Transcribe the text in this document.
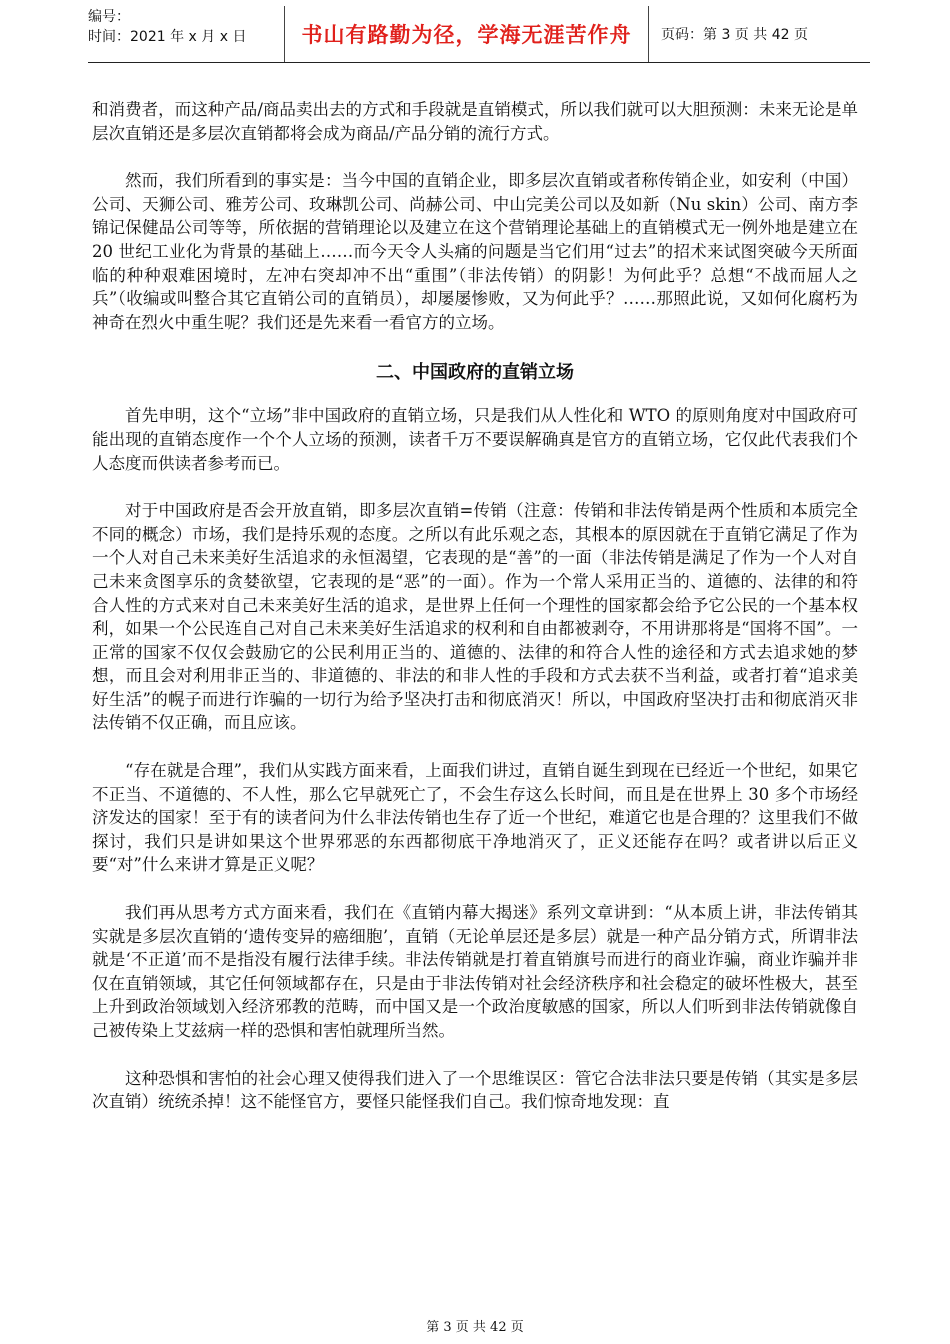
编号：
时间：2021 年 x 月 x 日	书山有路勤为径，学海无涯苦作舟	页码：第 3 页 共 42 页

和消费者，而这种产品/商品卖出去的方式和手段就是直销模式，所以我们就可以大胆预测：未来无论是单层次直销还是多层次直销都将会成为商品/产品分销的流行方式。

然而，我们所看到的事实是：当今中国的直销企业，即多层次直销或者称传销企业，如安利（中国）公司、天狮公司、雅芳公司、玫琳凯公司、尚赫公司、中山完美公司以及如新（Nu skin）公司、南方李锦记保健品公司等等，所依据的营销理论以及建立在这个营销理论基础上的直销模式无一例外地是建立在 20 世纪工业化为背景的基础上……而今天令人头痛的问题是当它们用“过去”的招术来试图突破今天所面临的种种艰难困境时，左冲右突却冲不出“重围”（非法传销）的阴影！为何此乎？总想“不战而屈人之兵”（收编或叫整合其它直销公司的直销员），却屡屡惨败，又为何此乎？……那照此说，又如何化腐朽为神奇在烈火中重生呢？我们还是先来看一看官方的立场。

二、中国政府的直销立场

首先申明，这个“立场”非中国政府的直销立场，只是我们从人性化和 WTO 的原则角度对中国政府可能出现的直销态度作一个个人立场的预测，读者千万不要误解确真是官方的直销立场，它仅此代表我们个人态度而供读者参考而已。

对于中国政府是否会开放直销，即多层次直销=传销（注意：传销和非法传销是两个性质和本质完全不同的概念）市场，我们是持乐观的态度。之所以有此乐观之态，其根本的原因就在于直销它满足了作为一个人对自己未来美好生活追求的永恒渴望，它表现的是“善”的一面（非法传销是满足了作为一个人对自己未来贪图享乐的贪婪欲望，它表现的是“恶”的一面）。作为一个常人采用正当的、道德的、法律的和符合人性的方式来对自己未来美好生活的追求，是世界上任何一个理性的国家都会给予它公民的一个基本权利，如果一个公民连自己对自己未来美好生活追求的权利和自由都被剥夺，不用讲那将是“国将不国”。一正常的国家不仅仅会鼓励它的公民利用正当的、道德的、法律的和符合人性的途径和方式去追求她的梦想，而且会对利用非正当的、非道德的、非法的和非人性的手段和方式去获不当利益，或者打着“追求美好生活”的幌子而进行诈骗的一切行为给予坚决打击和彻底消灭！所以，中国政府坚决打击和彻底消灭非法传销不仅正确，而且应该。

“存在就是合理”，我们从实践方面来看，上面我们讲过，直销自诞生到现在已经近一个世纪，如果它不正当、不道德的、不人性，那么它早就死亡了，不会生存这么长时间，而且是在世界上 30 多个市场经济发达的国家！至于有的读者问为什么非法传销也生存了近一个世纪，难道它也是合理的？这里我们不做探讨，我们只是讲如果这个世界邪恶的东西都彻底干净地消灭了，正义还能存在吗？或者讲以后正义要“对”什么来讲才算是正义呢？

我们再从思考方式方面来看，我们在《直销内幕大揭迷》系列文章讲到：“从本质上讲，非法传销其实就是多层次直销的‘遗传变异的癌细胞’，直销（无论单层还是多层）就是一种产品分销方式，所谓非法就是‘不正道’而不是指没有履行法律手续。非法传销就是打着直销旗号而进行的商业诈骗，商业诈骗并非仅在直销领域，其它任何领域都存在，只是由于非法传销对社会经济秩序和社会稳定的破坏性极大，甚至上升到政治领域划入经济邪教的范畴，而中国又是一个政治度敏感的国家，所以人们听到非法传销就像自己被传染上艾兹病一样的恐惧和害怕就理所当然。

这种恐惧和害怕的社会心理又使得我们进入了一个思维误区：管它合法非法只要是传销（其实是多层次直销）统统杀掉！这不能怪官方，要怪只能怪我们自己。我们惊奇地发现：直

第 3 页 共 42 页
